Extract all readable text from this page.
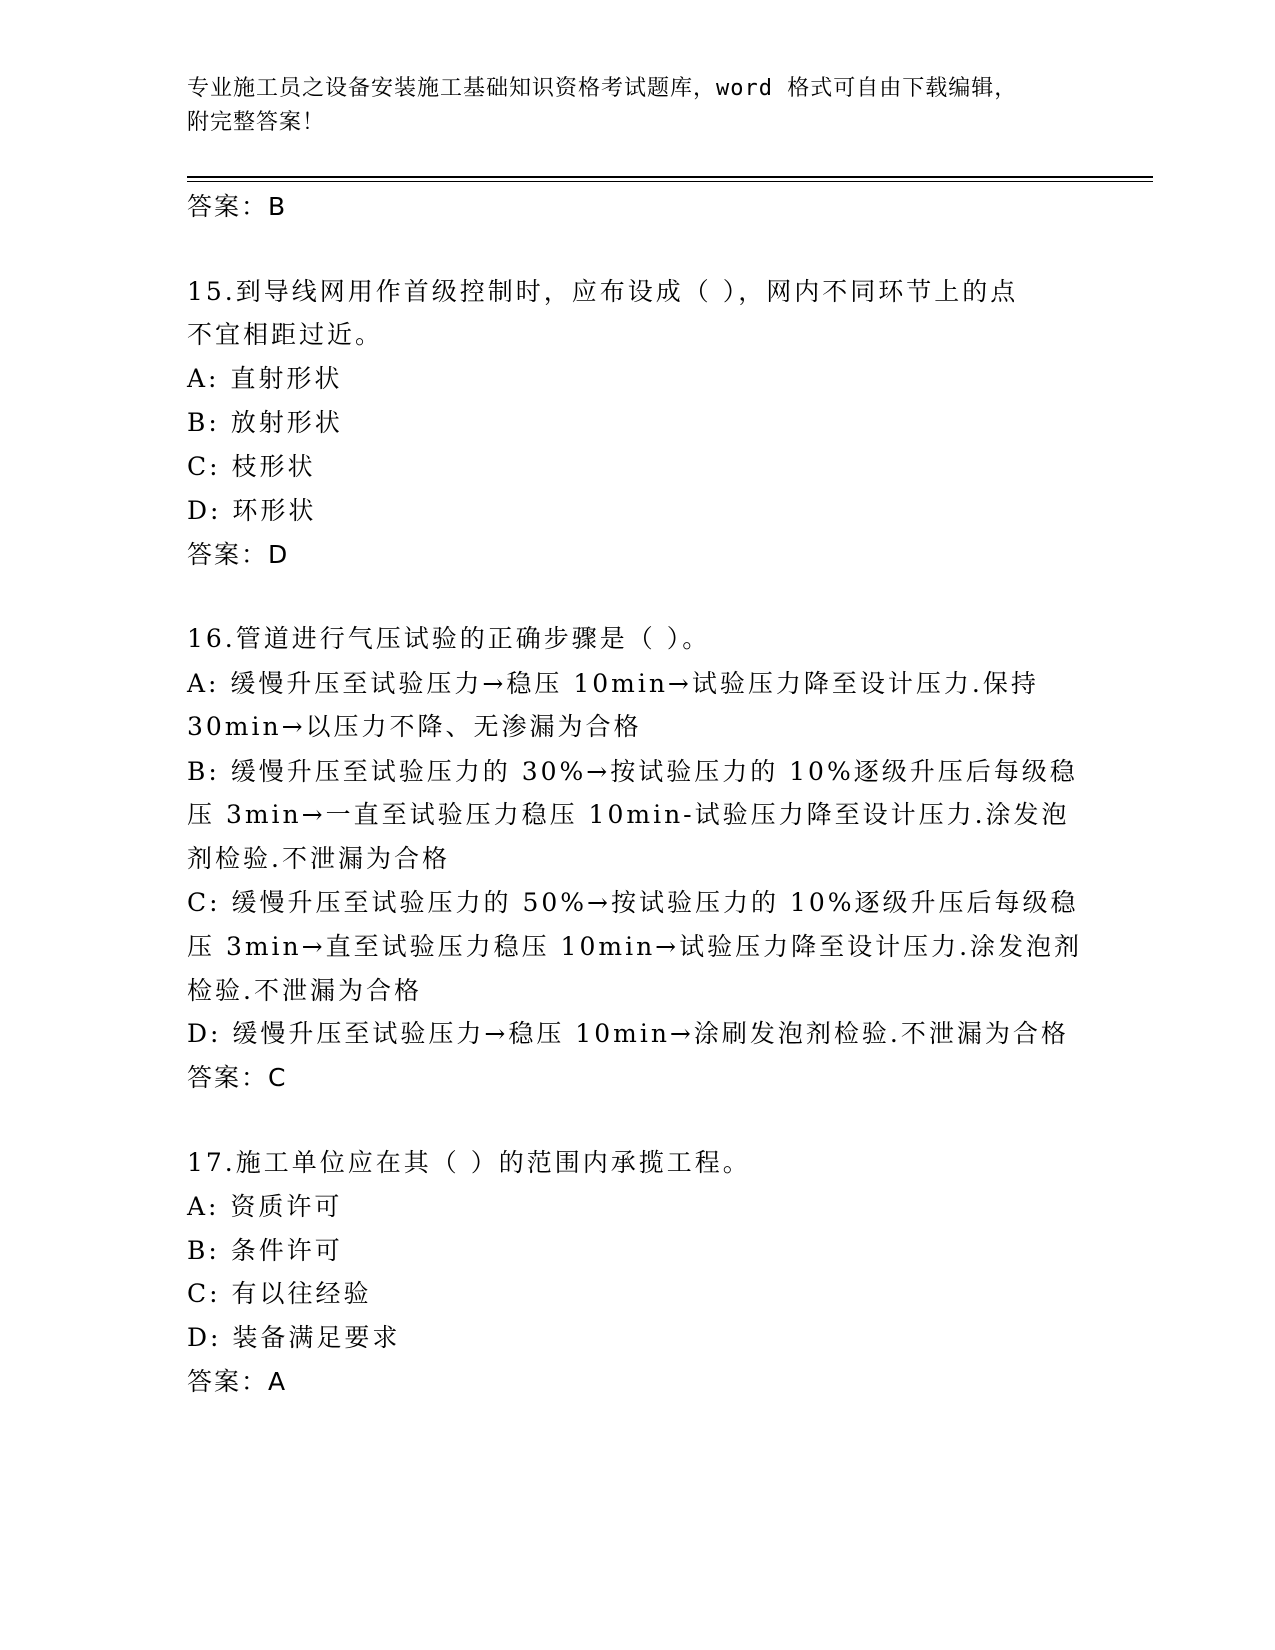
专业施工员之设备安装施工基础知识资格考试题库，word 格式可自由下载编辑，
附完整答案！
答案：B
15.到导线网用作首级控制时，应布设成（ ），网内不同环节上的点
不宜相距过近。
A: 直射形状
B: 放射形状
C: 枝形状
D: 环形状
答案：D
16.管道进行气压试验的正确步骤是（ ）。
A: 缓慢升压至试验压力→稳压 10min→试验压力降至设计压力.保持
30min→以压力不降、无渗漏为合格
B: 缓慢升压至试验压力的 30%→按试验压力的 10%逐级升压后每级稳
压 3min→一直至试验压力稳压 10min-试验压力降至设计压力.涂发泡
剂检验.不泄漏为合格
C: 缓慢升压至试验压力的 50%→按试验压力的 10%逐级升压后每级稳
压 3min→直至试验压力稳压 10min→试验压力降至设计压力.涂发泡剂
检验.不泄漏为合格
D: 缓慢升压至试验压力→稳压 10min→涂刷发泡剂检验.不泄漏为合格
答案：C
17.施工单位应在其（ ）的范围内承揽工程。
A: 资质许可
B: 条件许可
C: 有以往经验
D: 装备满足要求
答案：A
